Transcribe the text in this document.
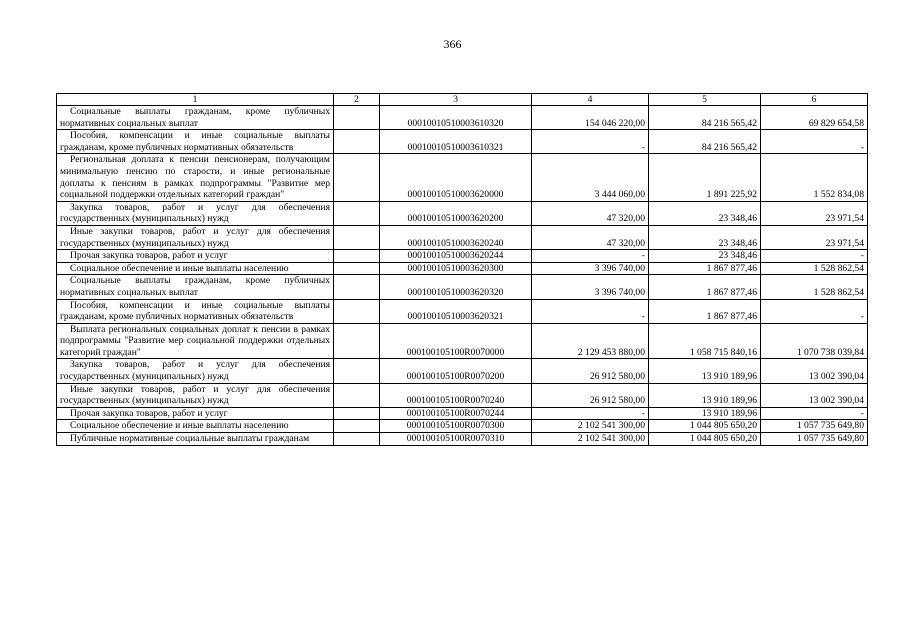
366
1	2	3	4	5	6

Социальные выплаты гражданам, кроме публичных нормативных социальных выплат		00010010510003610320	154 046 220,00	84 216 565,42	69 829 654,58

Пособия, компенсации и иные социальные выплаты гражданам, кроме публичных нормативных обязательств		00010010510003610321	-	84 216 565,42	-

Региональная доплата к пенсии пенсионерам, получающим минимальную пенсию по старости, и иные региональные доплаты к пенсиям в рамках подпрограммы "Развитие мер социальной поддержки отдельных категорий граждан"		00010010510003620000	3 444 060,00	1 891 225,92	1 552 834,08

Закупка товаров, работ и услуг для обеспечения государственных (муниципальных) нужд		00010010510003620200	47 320,00	23 348,46	23 971,54

Иные закупки товаров, работ и услуг для обеспечения государственных (муниципальных) нужд		00010010510003620240	47 320,00	23 348,46	23 971,54

Прочая закупка товаров, работ и услуг		00010010510003620244	-	23 348,46	-

Социальное обеспечение и иные выплаты населению		00010010510003620300	3 396 740,00	1 867 877,46	1 528 862,54

Социальные выплаты гражданам, кроме публичных нормативных социальных выплат		00010010510003620320	3 396 740,00	1 867 877,46	1 528 862,54

Пособия, компенсации и иные социальные выплаты гражданам, кроме публичных нормативных обязательств		00010010510003620321	-	1 867 877,46	-

Выплата региональных социальных доплат к пенсии в рамках подпрограммы "Развитие мер социальной поддержки отдельных категорий граждан"		000100105100R0070000	2 129 453 880,00	1 058 715 840,16	1 070 738 039,84

Закупка товаров, работ и услуг для обеспечения государственных (муниципальных) нужд		000100105100R0070200	26 912 580,00	13 910 189,96	13 002 390,04

Иные закупки товаров, работ и услуг для обеспечения государственных (муниципальных) нужд		000100105100R0070240	26 912 580,00	13 910 189,96	13 002 390,04

Прочая закупка товаров, работ и услуг		000100105100R0070244	-	13 910 189,96	-

Социальное обеспечение и иные выплаты населению		000100105100R0070300	2 102 541 300,00	1 044 805 650,20	1 057 735 649,80

Публичные нормативные социальные выплаты гражданам		000100105100R0070310	2 102 541 300,00	1 044 805 650,20	1 057 735 649,80
